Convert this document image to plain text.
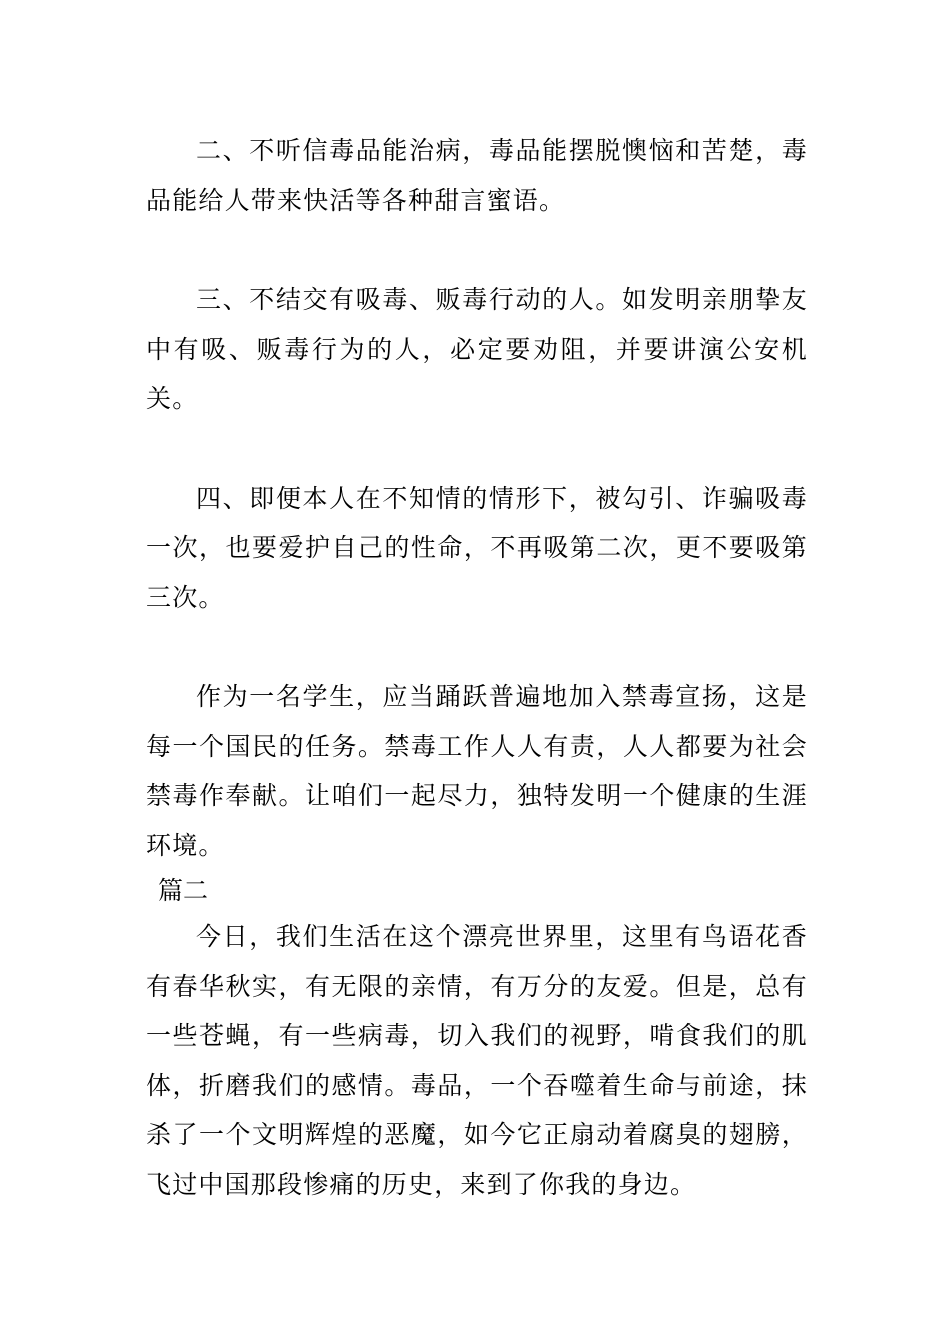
二、不听信毒品能治病，毒品能摆脱懊恼和苦楚，毒品能给人带来快活等各种甜言蜜语。

三、不结交有吸毒、贩毒行动的人。如发明亲朋挚友中有吸、贩毒行为的人，必定要劝阻，并要讲演公安机关。

四、即便本人在不知情的情形下，被勾引、诈骗吸毒一次，也要爱护自己的性命，不再吸第二次，更不要吸第三次。

作为一名学生，应当踊跃普遍地加入禁毒宣扬，这是每一个国民的任务。禁毒工作人人有责，人人都要为社会禁毒作奉献。让咱们一起尽力，独特发明一个健康的生涯环境。

篇二

今日，我们生活在这个漂亮世界里，这里有鸟语花香有春华秋实，有无限的亲情，有万分的友爱。但是，总有一些苍蝇，有一些病毒，切入我们的视野，啃食我们的肌体，折磨我们的感情。毒品，一个吞噬着生命与前途，抹杀了一个文明辉煌的恶魔，如今它正扇动着腐臭的翅膀，飞过中国那段惨痛的历史，来到了你我的身边。
